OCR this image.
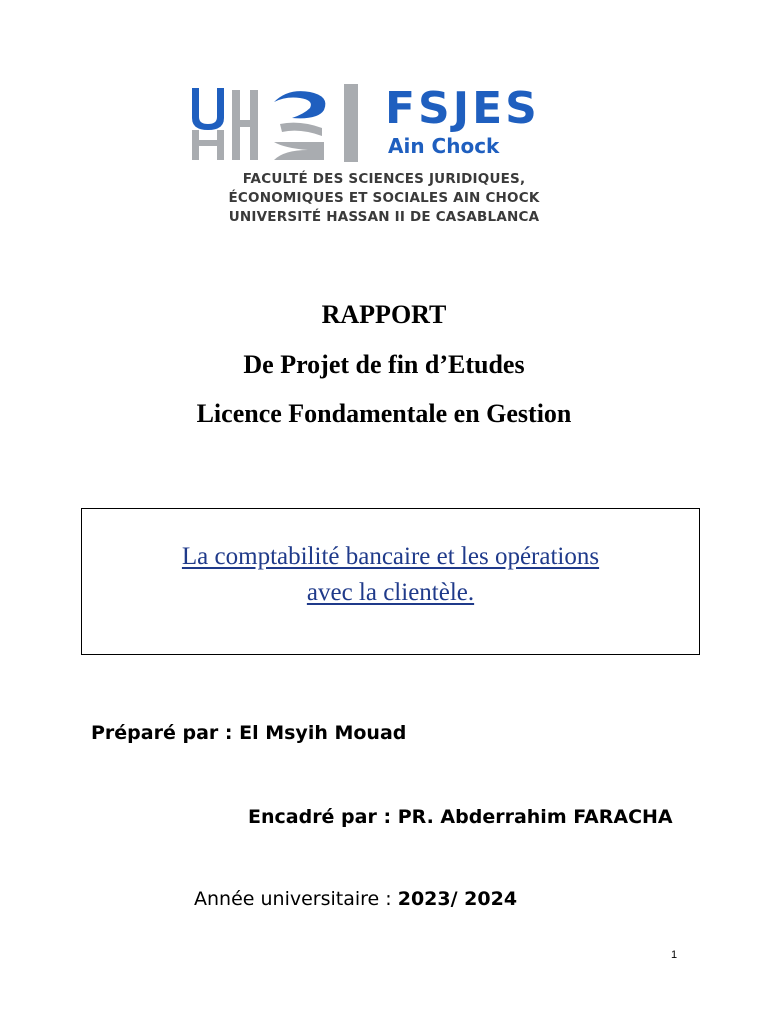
FSJES
Ain Chock
FACULTÉ DES SCIENCES JURIDIQUES,
ÉCONOMIQUES ET SOCIALES AIN CHOCK
UNIVERSITÉ HASSAN II DE CASABLANCA
RAPPORT
De Projet de fin d’Etudes
Licence Fondamentale en Gestion
La comptabilité bancaire et les opérations
avec la clientèle.
Préparé par : El Msyih Mouad
Encadré par : PR. Abderrahim FARACHA
Année universitaire : 2023/ 2024
1
